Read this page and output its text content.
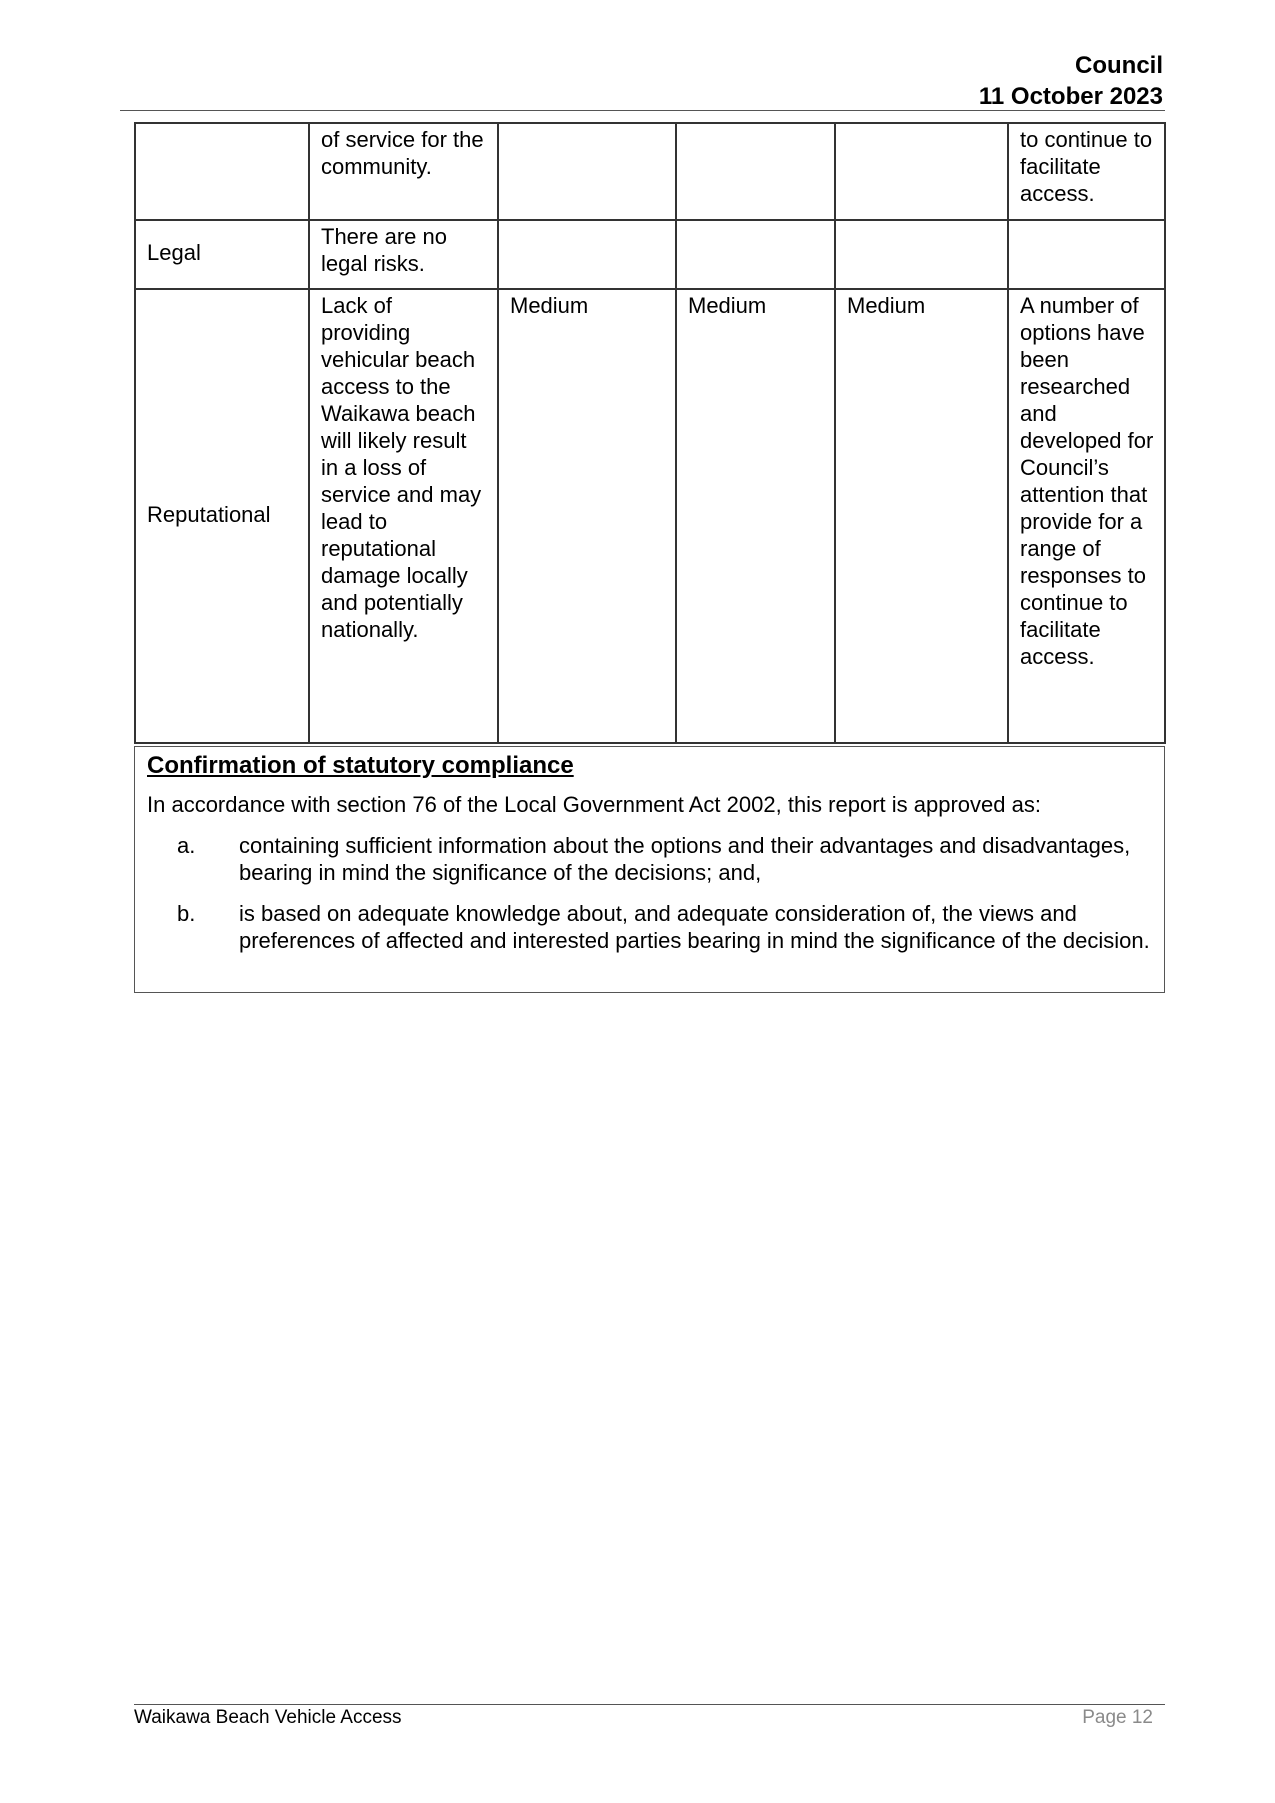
Council
11 October 2023
	of service for the community.				to continue to facilitate access.
Legal	There are no legal risks.				
Reputational	Lack of providing vehicular beach access to the Waikawa beach will likely result in a loss of service and may lead to reputational damage locally and potentially nationally.	Medium	Medium	Medium	A number of options have been researched and developed for Council’s attention that provide for a range of responses to continue to facilitate access.
Confirmation of statutory compliance
In accordance with section 76 of the Local Government Act 2002, this report is approved as:
a.	containing sufficient information about the options and their advantages and disadvantages, bearing in mind the significance of the decisions; and,
b.	is based on adequate knowledge about, and adequate consideration of, the views and preferences of affected and interested parties bearing in mind the significance of the decision.
Waikawa Beach Vehicle Access	Page 12
